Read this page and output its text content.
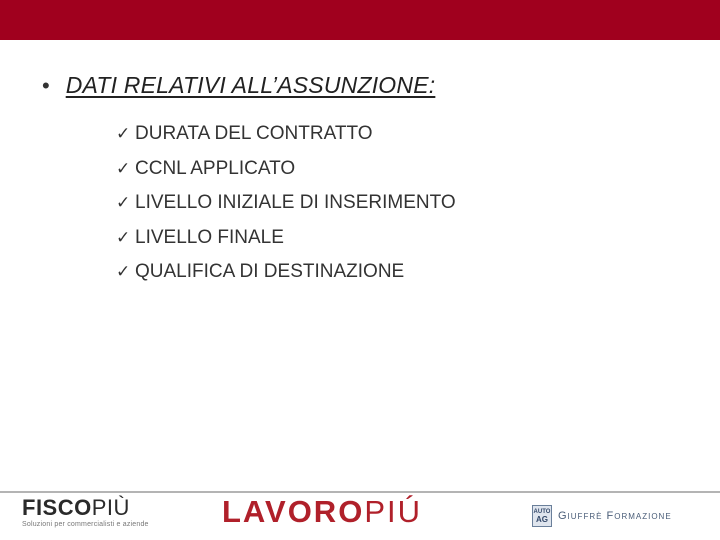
• DATI RELATIVI ALL’ASSUNZIONE:
✓ DURATA DEL CONTRATTO
✓ CCNL APPLICATO
✓ LIVELLO INIZIALE DI INSERIMENTO
✓ LIVELLO FINALE
✓ QUALIFICA DI DESTINAZIONE
FISCOPIÙ
Soluzioni per commercialisti e aziende LAVOROPIÚ	AUTO
AG Giuffrè Formazione
